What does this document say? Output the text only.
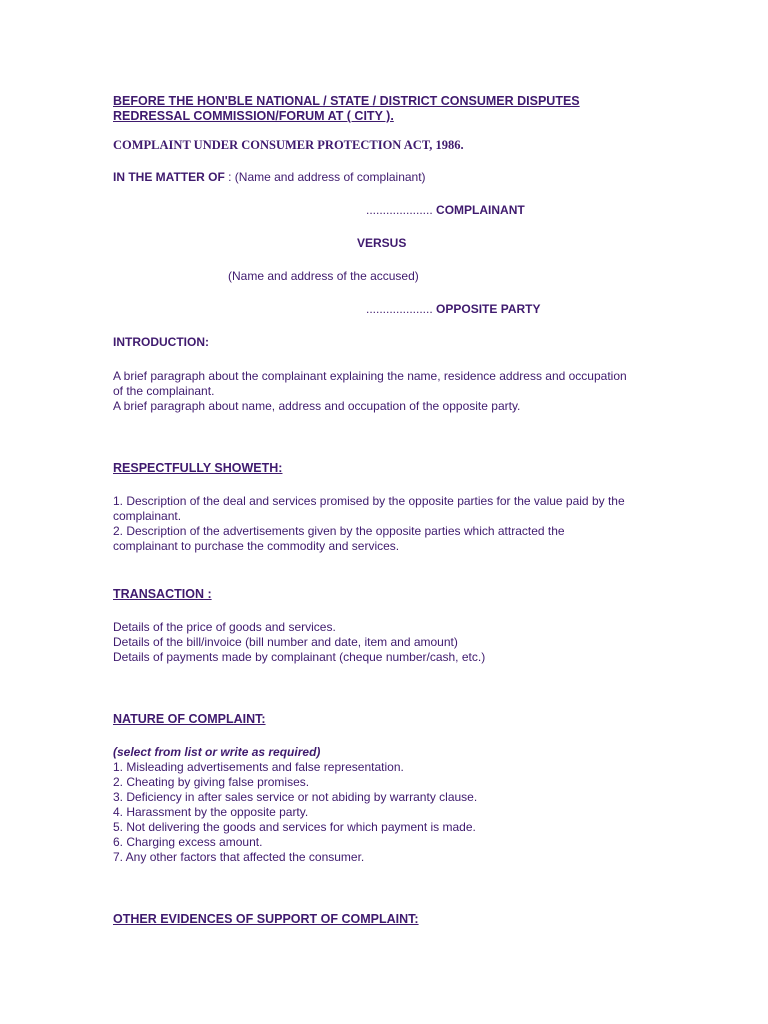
BEFORE THE HON'BLE NATIONAL / STATE / DISTRICT CONSUMER DISPUTES
REDRESSAL COMMISSION/FORUM AT ( CITY ).
COMPLAINT UNDER CONSUMER PROTECTION ACT, 1986.
IN THE MATTER OF : (Name and address of complainant)
.................... COMPLAINANT
VERSUS
(Name and address of the accused)
.................... OPPOSITE PARTY
INTRODUCTION:
A brief paragraph about the complainant explaining the name, residence address and occupation
of the complainant.
A brief paragraph about name, address and occupation of the opposite party.
RESPECTFULLY SHOWETH:
1. Description of the deal and services promised by the opposite parties for the value paid by the
complainant.
2. Description of the advertisements given by the opposite parties which attracted the
complainant to purchase the commodity and services.
TRANSACTION :
Details of the price of goods and services.
Details of the bill/invoice (bill number and date, item and amount)
Details of payments made by complainant (cheque number/cash, etc.)
NATURE OF COMPLAINT:
(select from list or write as required)
1. Misleading advertisements and false representation.
2. Cheating by giving false promises.
3. Deficiency in after sales service or not abiding by warranty clause.
4. Harassment by the opposite party.
5. Not delivering the goods and services for which payment is made.
6. Charging excess amount.
7. Any other factors that affected the consumer.
OTHER EVIDENCES OF SUPPORT OF COMPLAINT:
